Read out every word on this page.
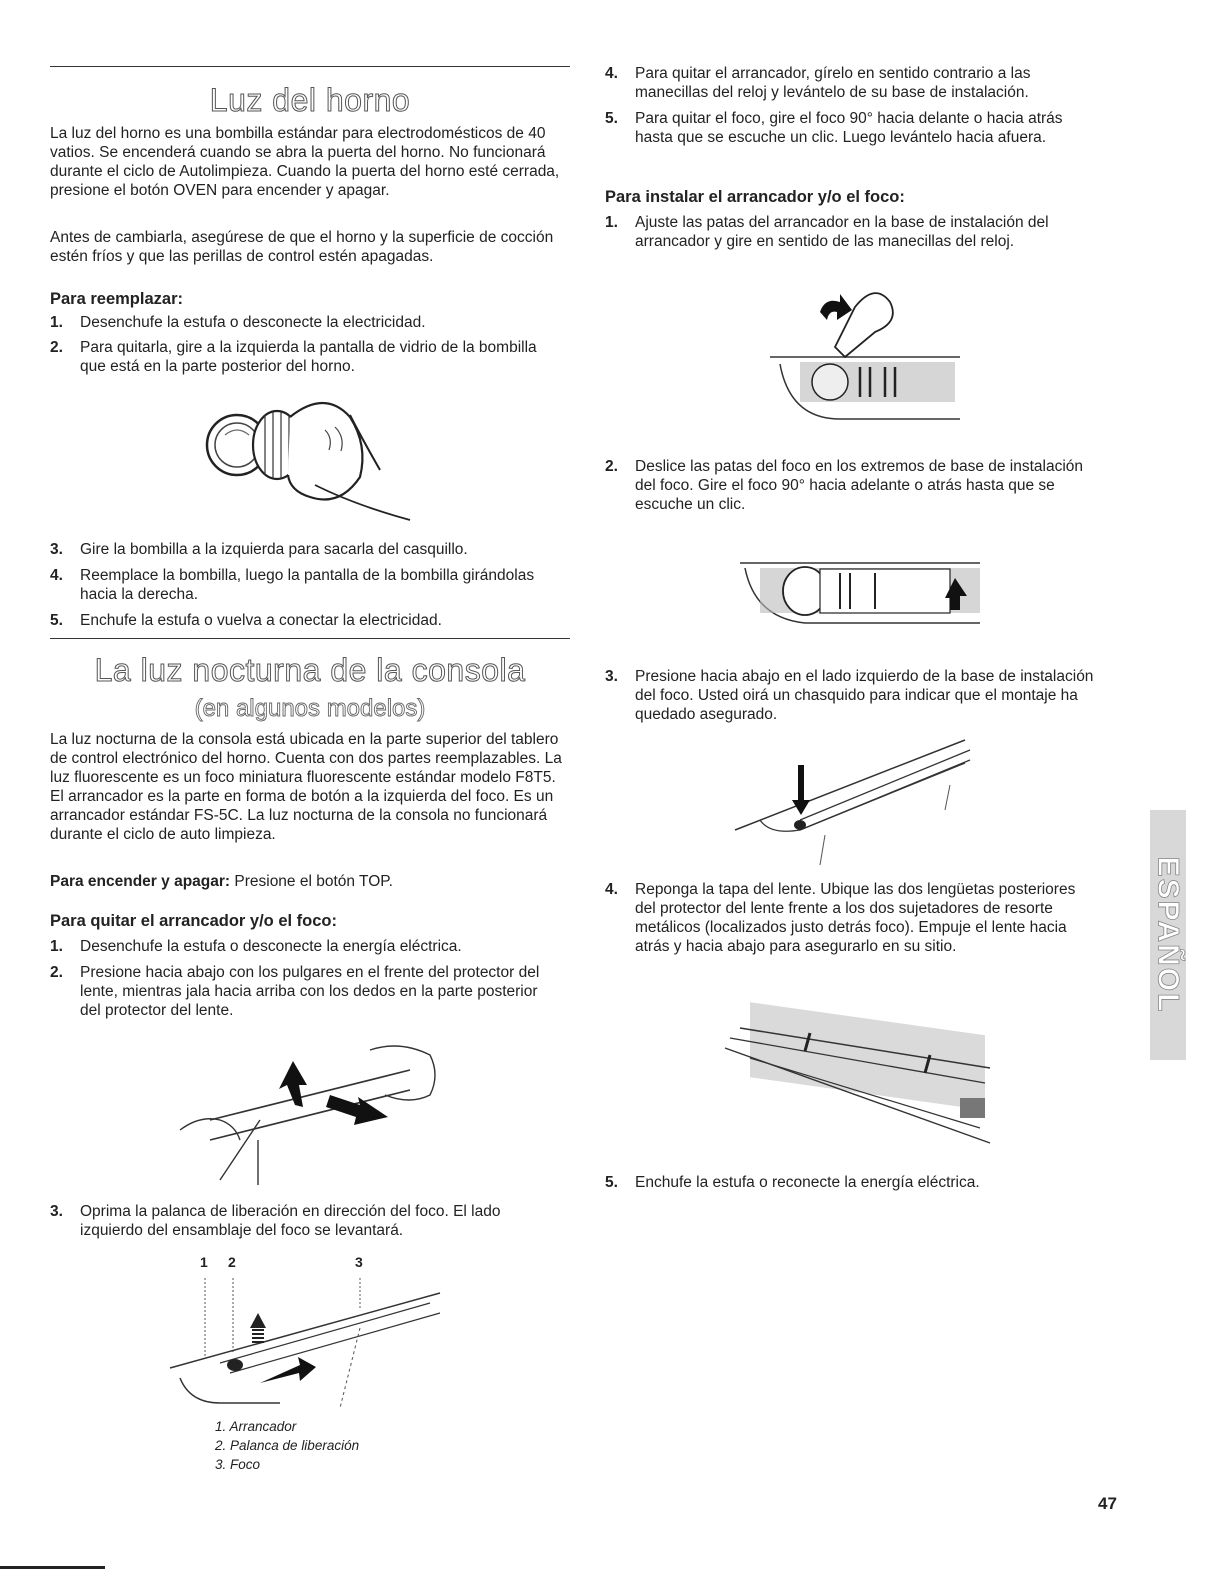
Luz del horno

La luz del horno es una bombilla estándar para electrodomésticos de 40 vatios. Se encenderá cuando se abra la puerta del horno. No funcionará durante el ciclo de Autolimpieza. Cuando la puerta del horno esté cerrada, presione el botón OVEN para encender y apagar.

Antes de cambiarla, asegúrese de que el horno y la superficie de cocción estén fríos y que las perillas de control estén apagadas.

Para reemplazar:
1. Desenchufe la estufa o desconecte la electricidad.
2. Para quitarla, gire a la izquierda la pantalla de vidrio de la bombilla que está en la parte posterior del horno.
3. Gire la bombilla a la izquierda para sacarla del casquillo.
4. Reemplace la bombilla, luego la pantalla de la bombilla girándolas hacia la derecha.
5. Enchufe la estufa o vuelva a conectar la electricidad.
La luz nocturna de la consola
(en algunos modelos)

La luz nocturna de la consola está ubicada en la parte superior del tablero de control electrónico del horno. Cuenta con dos partes reemplazables. La luz fluorescente es un foco miniatura fluorescente estándar modelo F8T5. El arrancador es la parte en forma de botón a la izquierda del foco. Es un arrancador estándar FS-5C. La luz nocturna de la consola no funcionará durante el ciclo de auto limpieza.

Para encender y apagar: Presione el botón TOP.
Para quitar el arrancador y/o el foco:
1. Desenchufe la estufa o desconecte la energía eléctrica.
2. Presione hacia abajo con los pulgares en el frente del protector del lente, mientras jala hacia arriba con los dedos en la parte posterior del protector del lente.
3. Oprima la palanca de liberación en dirección del foco. El lado izquierdo del ensamblaje del foco se levantará.
1 2	3
1. Arrancador
2. Palanca de liberación
3. Foco
4. Para quitar el arrancador, gírelo en sentido contrario a las manecillas del reloj y levántelo de su base de instalación.
5. Para quitar el foco, gire el foco 90° hacia delante o hacia atrás hasta que se escuche un clic. Luego levántelo hacia afuera.
Para instalar el arrancador y/o el foco:
1. Ajuste las patas del arrancador en la base de instalación del arrancador y gire en sentido de las manecillas del reloj.
2. Deslice las patas del foco en los extremos de base de instalación del foco. Gire el foco 90° hacia adelante o atrás hasta que se escuche un clic.
3. Presione hacia abajo en el lado izquierdo de la base de instalación del foco. Usted oirá un chasquido para indicar que el montaje ha quedado asegurado.
4. Reponga la tapa del lente. Ubique las dos lengüetas posteriores del protector del lente frente a los dos sujetadores de resorte metálicos (localizados justo detrás foco). Empuje el lente hacia atrás y hacia abajo para asegurarlo en su sitio.
5. Enchufe la estufa o reconecte la energía eléctrica.
ESPAÑOL
47
